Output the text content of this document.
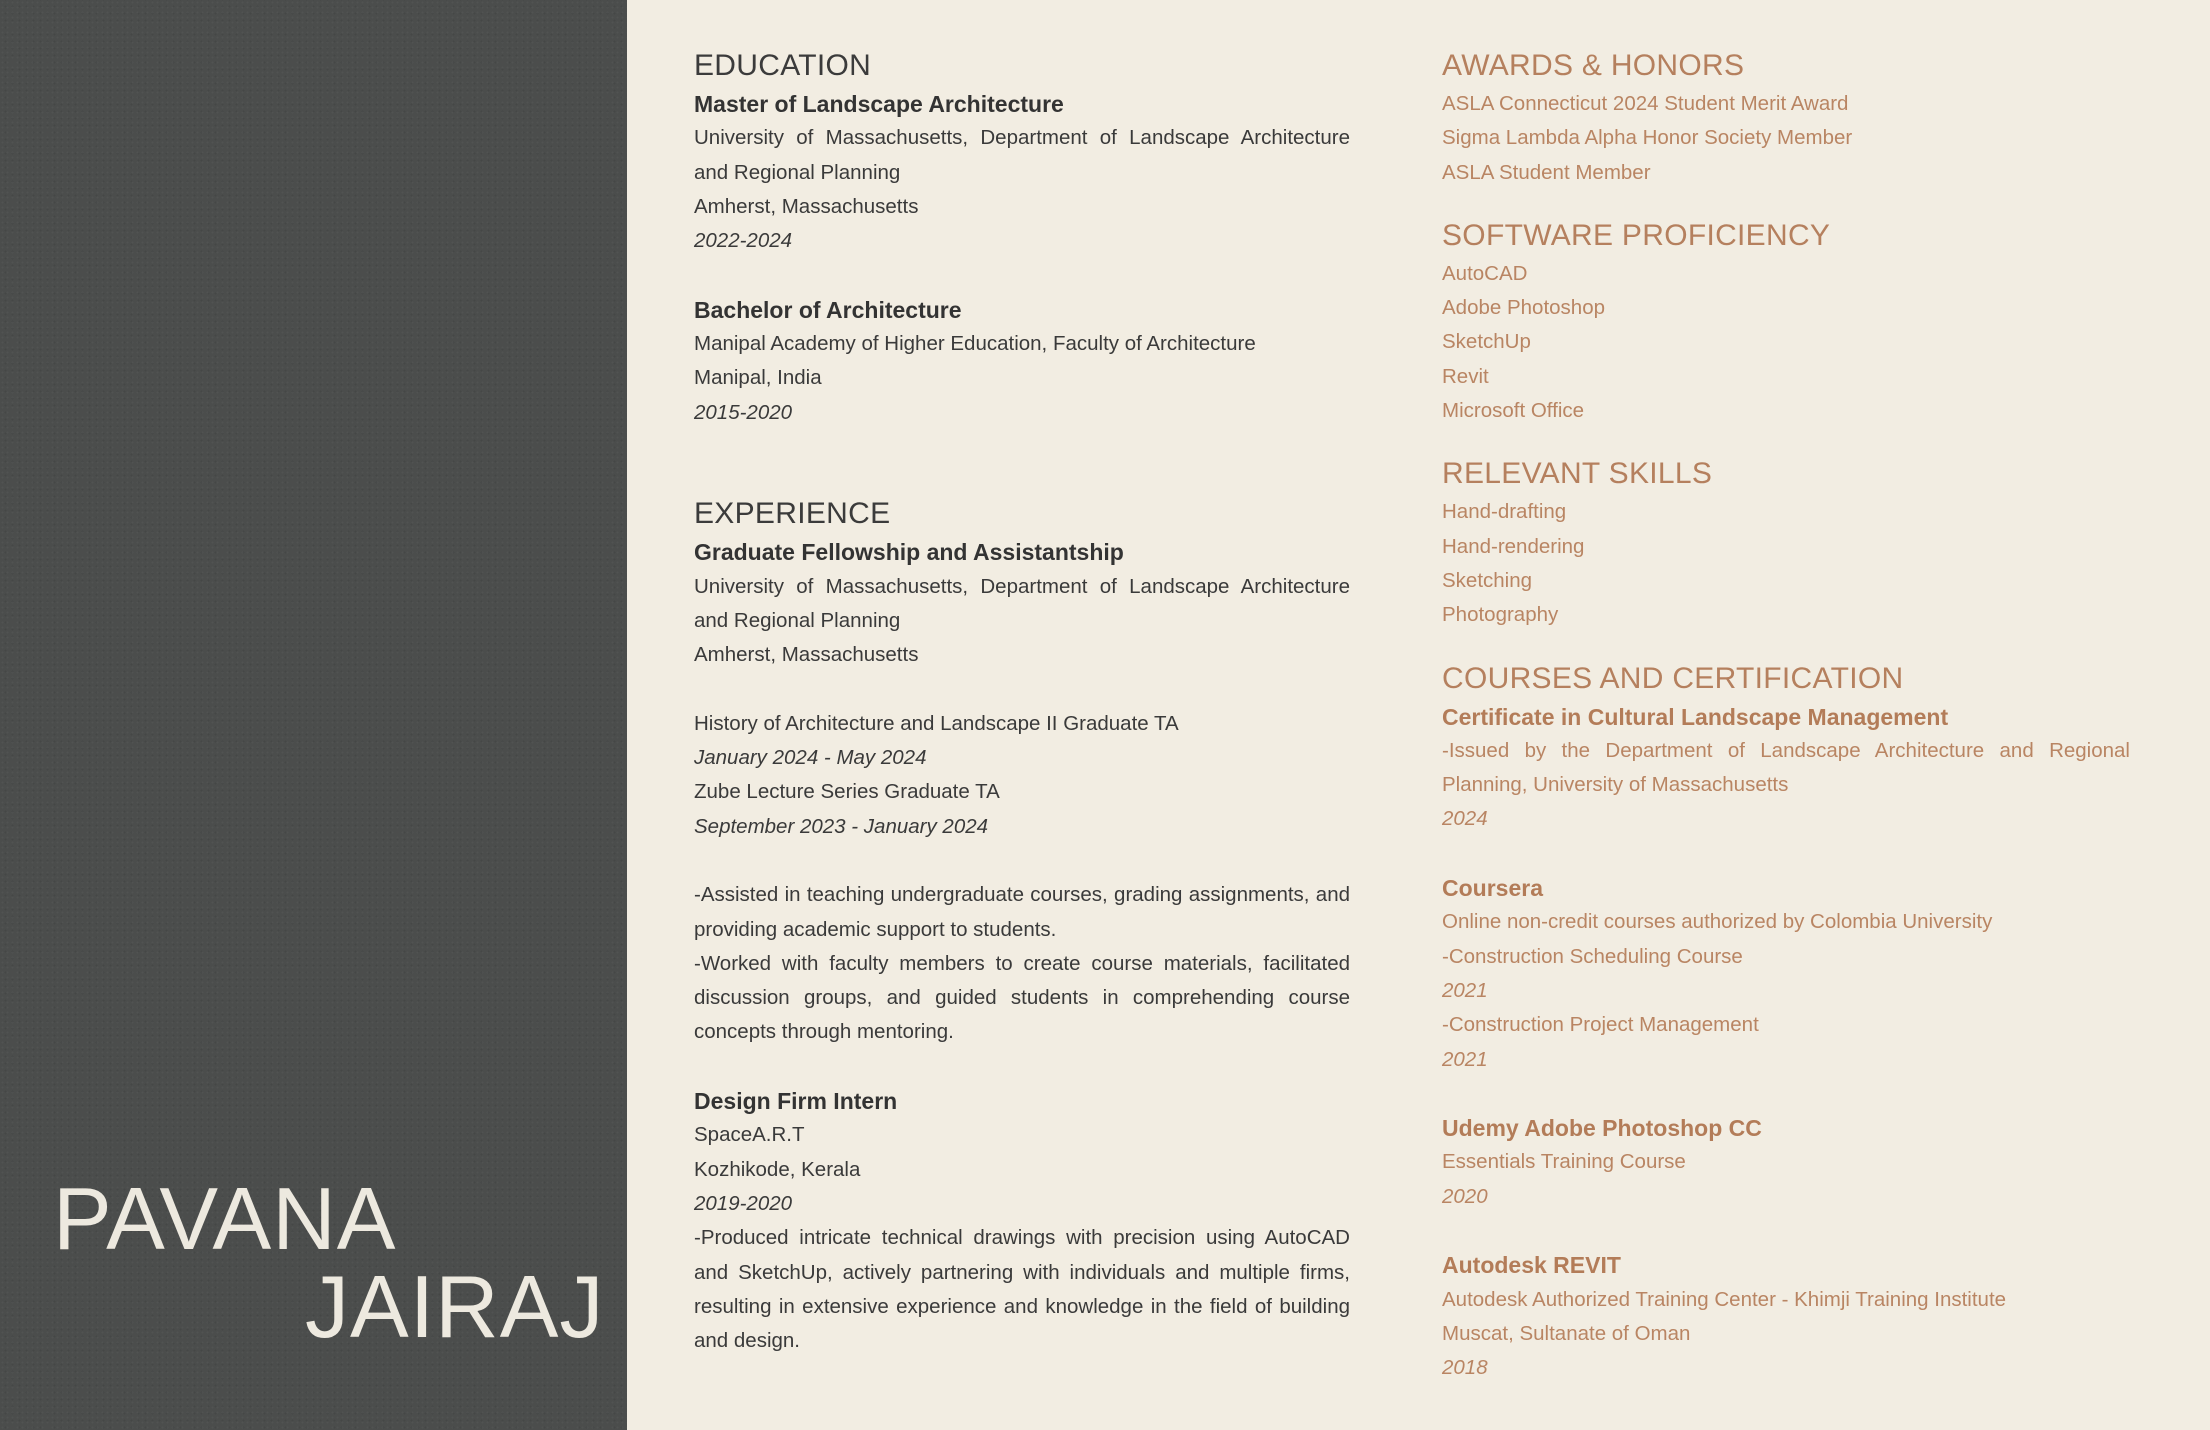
PAVANA
JAIRAJ
EDUCATION
Master of Landscape Architecture
University of Massachusetts, Department of Landscape Architecture and Regional Planning
Amherst, Massachusetts
2022-2024
Bachelor of Architecture
Manipal Academy of Higher Education, Faculty of Architecture
Manipal, India
2015-2020
EXPERIENCE
Graduate Fellowship and Assistantship
University of Massachusetts, Department of Landscape Architecture and Regional Planning
Amherst, Massachusetts
History of Architecture and Landscape II Graduate TA
January 2024 - May 2024
Zube Lecture Series Graduate TA
September 2023 - January 2024
-Assisted in teaching undergraduate courses, grading assignments, and providing academic support to students.
-Worked with faculty members to create course materials, facilitated discussion groups, and guided students in comprehending course concepts through mentoring.
Design Firm Intern
SpaceA.R.T
Kozhikode, Kerala
2019-2020
-Produced intricate technical drawings with precision using AutoCAD and SketchUp, actively partnering with individuals and multiple firms, resulting in extensive experience and knowledge in the field of building and design.
AWARDS & HONORS
ASLA Connecticut 2024 Student Merit Award
Sigma Lambda Alpha Honor Society Member
ASLA Student Member
SOFTWARE PROFICIENCY
AutoCAD
Adobe Photoshop
SketchUp
Revit
Microsoft Office
RELEVANT SKILLS
Hand-drafting
Hand-rendering
Sketching
Photography
COURSES AND CERTIFICATION
Certificate in Cultural Landscape Management
-Issued by the Department of Landscape Architecture and Regional Planning, University of Massachusetts
2024
Coursera
Online non-credit courses authorized by Colombia University
-Construction Scheduling Course
2021
-Construction Project Management
2021
Udemy Adobe Photoshop CC
Essentials Training Course
2020
Autodesk REVIT
Autodesk Authorized Training Center - Khimji Training Institute
Muscat, Sultanate of Oman
2018
